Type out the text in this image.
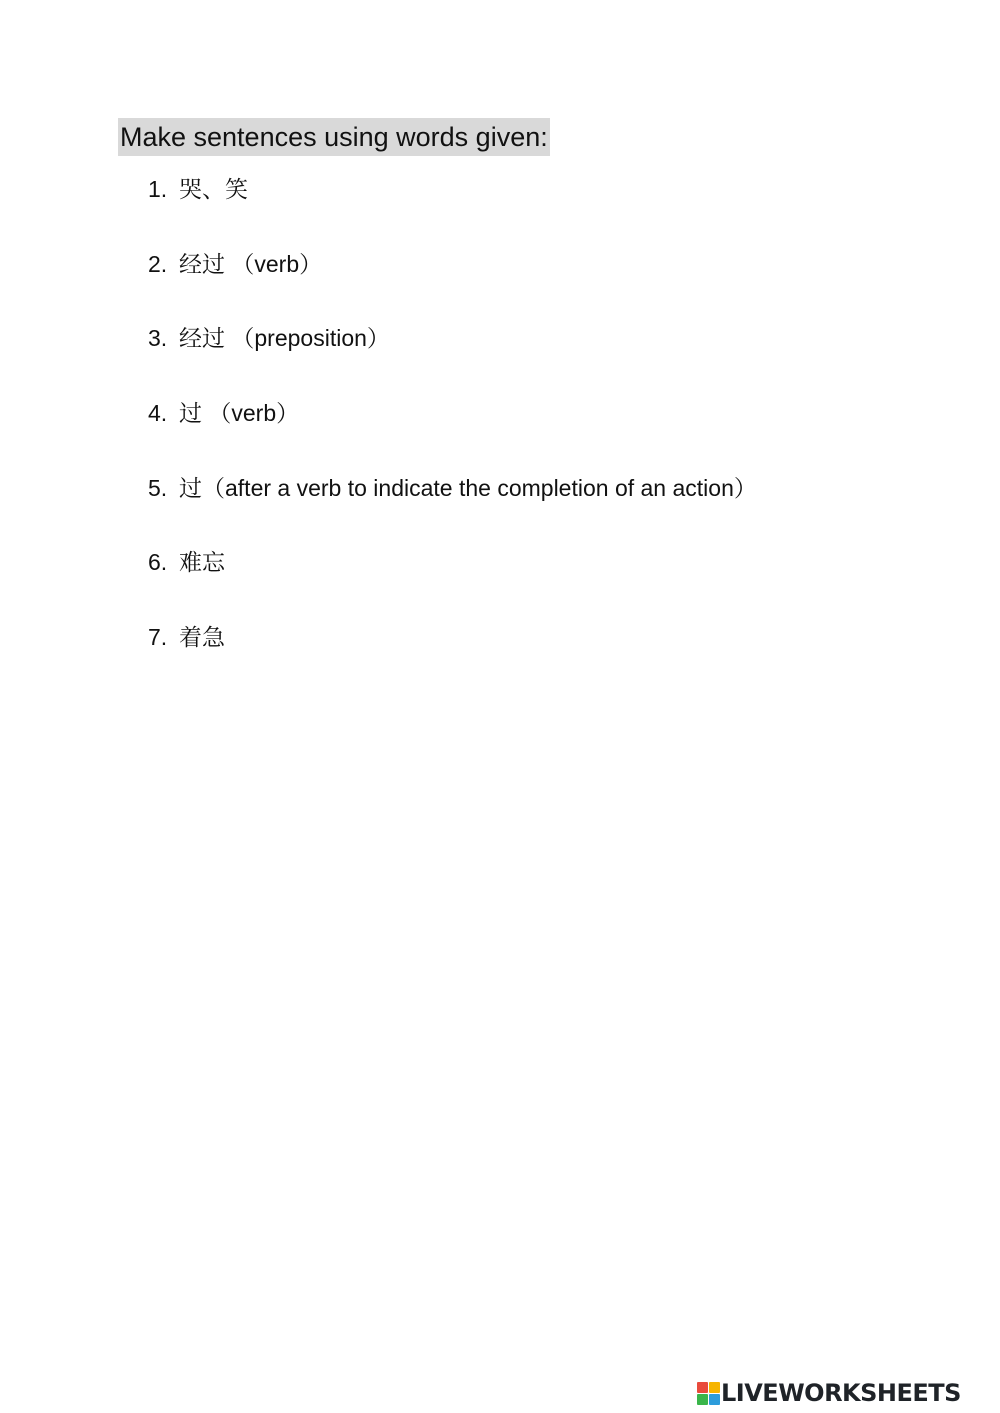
Make sentences using words given:
1. 哭、笑
2. 经过 （verb）
3. 经过 （preposition）
4. 过 （verb）
5. 过（after a verb to indicate the completion of an action）
6. 难忘
7. 着急
LIVEWORKSHEETS
